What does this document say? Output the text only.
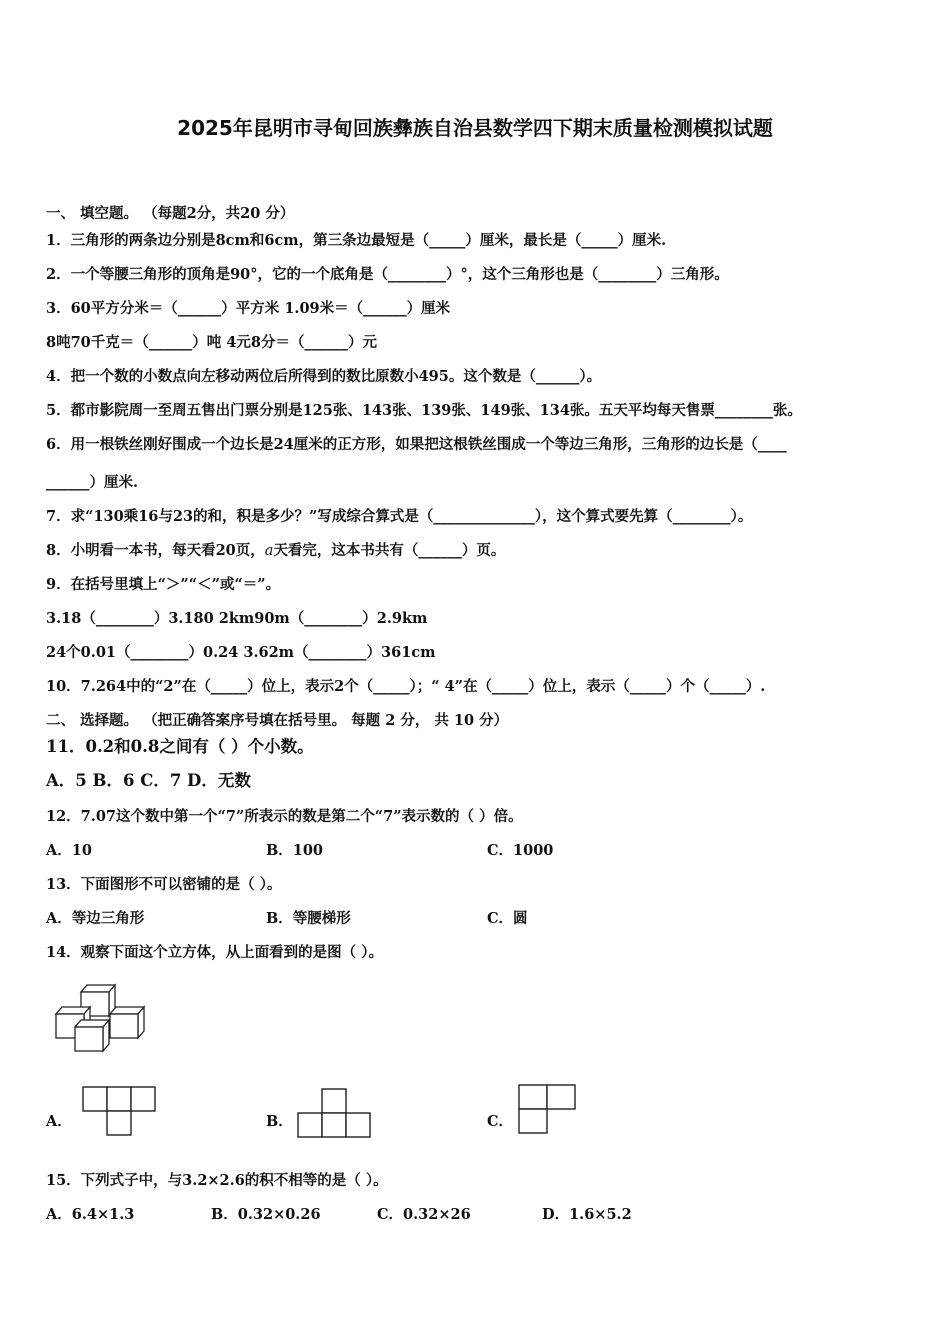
2025年昆明市寻甸回族彝族自治县数学四下期末质量检测模拟试题
一、 填空题。 （每题2分，共20 分）
1．三角形的两条边分别是8cm和6cm，第三条边最短是（_____）厘米，最长是（_____）厘米.
2．一个等腰三角形的顶角是90°，它的一个底角是（________）°，这个三角形也是（________）三角形。
3．60平方分米＝（______）平方米 1.09米＝（______）厘米
8吨70千克＝（______）吨 4元8分＝（______）元
4．把一个数的小数点向左移动两位后所得到的数比原数小495。这个数是（______）。
5．都市影院周一至周五售出门票分别是125张、143张、139张、149张、134张。五天平均每天售票________张。
6．用一根铁丝刚好围成一个边长是24厘米的正方形，如果把这根铁丝围成一个等边三角形，三角形的边长是（____
______）厘米.
7．求“130乘16与23的和，积是多少？”写成综合算式是（______________），这个算式要先算（________）。
8．小明看一本书，每天看20页，a天看完，这本书共有（______）页。
9．在括号里填上“＞”“＜”或“＝”。
3.18（________）3.180 2km90m（________）2.9km
24个0.01（________）0.24 3.62m（________）361cm
10．7.264中的“2”在（_____）位上，表示2个（_____）；“ 4”在（_____）位上，表示（_____）个（_____）.
二、 选择题。 （把正确答案序号填在括号里。 每题 2 分， 共 10 分）
11．0.2和0.8之间有（ ）个小数。
A．5 B．6 C．7 D．无数
12．7.07这个数中第一个“7”所表示的数是第二个“7”表示数的（ ）倍。
A．10	B．100	C．1000
13．下面图形不可以密铺的是（ ）。
A．等边三角形	B．等腰梯形	C．圆
14．观察下面这个立方体，从上面看到的是图（ ）。
A．	B．	C．
15．下列式子中，与3.2×2.6的积不相等的是（ ）。
A．6.4×1.3	B．0.32×0.26	C．0.32×26	D．1.6×5.2
